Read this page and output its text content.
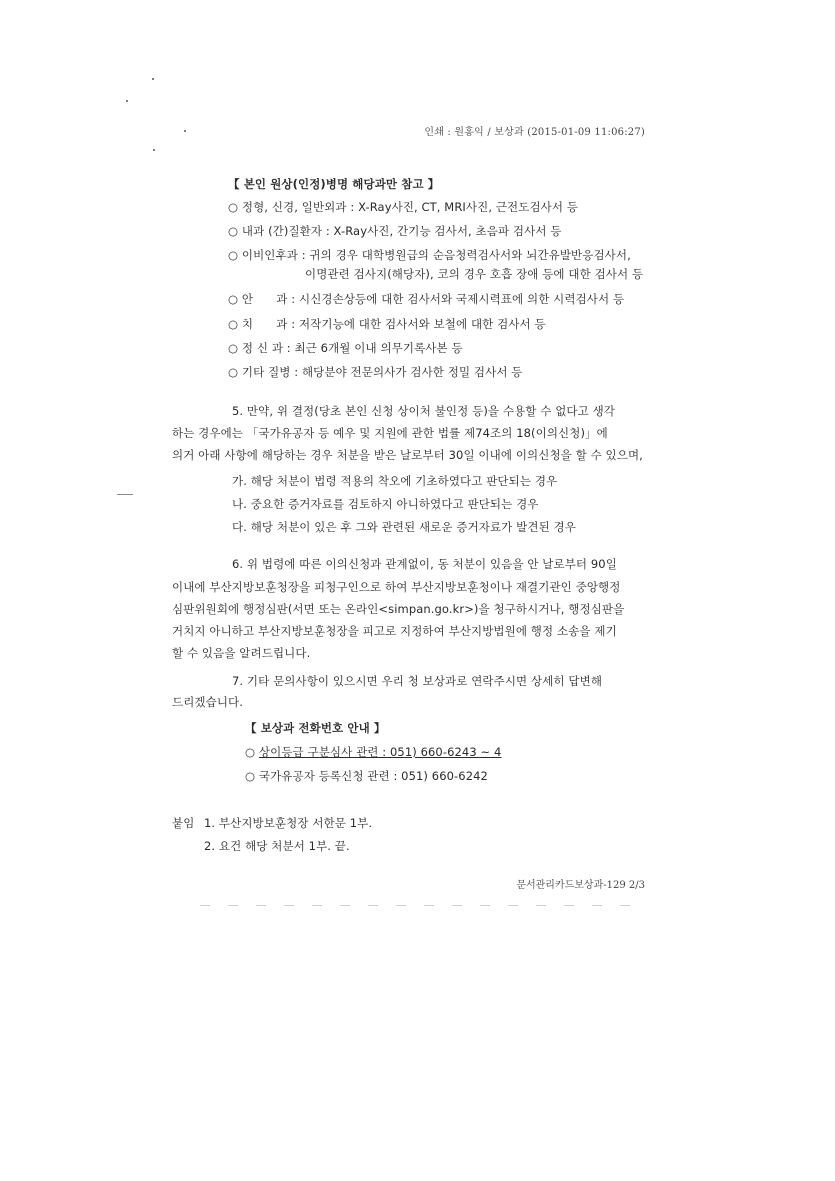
인쇄 : 원홍익 / 보상과 (2015-01-09 11:06:27)
【 본인 원상(인정)병명 해당과만 참고 】
○ 정형, 신경, 일반외과 : X-Ray사진, CT, MRI사진, 근전도검사서 등
○ 내과 (간)질환자 : X-Ray사진, 간기능 검사서, 초음파 검사서 등
○ 이비인후과 : 귀의 경우 대학병원급의 순음청력검사서와 뇌간유발반응검사서,
이명관련 검사지(해당자), 코의 경우 호흡 장애 등에 대한 검사서 등
○ 안　　과 : 시신경손상등에 대한 검사서와 국제시력표에 의한 시력검사서 등
○ 치　　과 : 저작기능에 대한 검사서와 보철에 대한 검사서 등
○ 정 신 과 : 최근 6개월 이내 의무기록사본 등
○ 기타 질병 : 해당분야 전문의사가 검사한 정밀 검사서 등
5. 만약, 위 결정(당초 본인 신청 상이처 불인정 등)을 수용할 수 없다고 생각
하는 경우에는 「국가유공자 등 예우 및 지원에 관한 법률 제74조의 18(이의신청)」에
의거 아래 사항에 해당하는 경우 처분을 받은 날로부터 30일 이내에 이의신청을 할 수 있으며,
가. 해당 처분이 법령 적용의 착오에 기초하였다고 판단되는 경우
나. 중요한 증거자료를 검토하지 아니하였다고 판단되는 경우
다. 해당 처분이 있은 후 그와 관련된 새로운 증거자료가 발견된 경우
6. 위 법령에 따른 이의신청과 관계없이, 동 처분이 있음을 안 날로부터 90일
이내에 부산지방보훈청장을 피청구인으로 하여 부산지방보훈청이나 재결기관인 중앙행정
심판위원회에 행정심판(서면 또는 온라인<simpan.go.kr>)을 청구하시거나, 행정심판을
거치지 아니하고 부산지방보훈청장을 피고로 지정하여 부산지방법원에 행정 소송을 제기
할 수 있음을 알려드립니다.
7. 기타 문의사항이 있으시면 우리 청 보상과로 연락주시면 상세히 답변해
드리겠습니다.
【 보상과 전화번호 안내 】
○ 상이등급 구분심사 관련 : 051) 660-6243 ~ 4
○ 국가유공자 등록신청 관련 : 051) 660-6242
붙임 1. 부산지방보훈청장 서한문 1부.
2. 요건 해당 처분서 1부. 끝.
문서관리카드보상과-129 2/3
